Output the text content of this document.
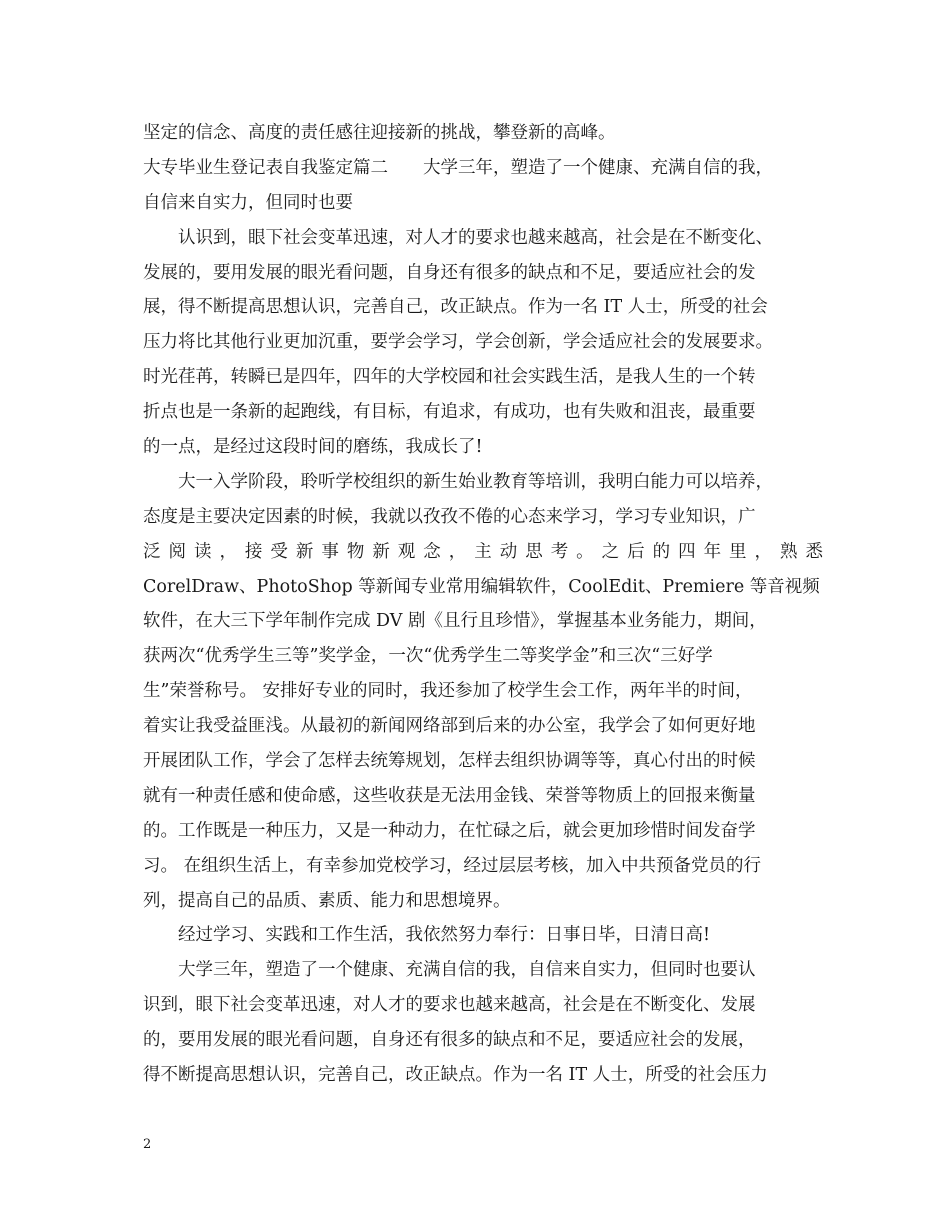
坚定的信念、高度的责任感往迎接新的挑战，攀登新的高峰。
大专毕业生登记表自我鉴定篇二　　大学三年，塑造了一个健康、充满自信的我，
自信来自实力，但同时也要
认识到，眼下社会变革迅速，对人才的要求也越来越高，社会是在不断变化、
发展的，要用发展的眼光看问题，自身还有很多的缺点和不足，要适应社会的发
展，得不断提高思想认识，完善自己，改正缺点。作为一名 IT 人士，所受的社会
压力将比其他行业更加沉重，要学会学习，学会创新，学会适应社会的发展要求。
时光荏苒，转瞬已是四年，四年的大学校园和社会实践生活，是我人生的一个转
折点也是一条新的起跑线，有目标，有追求，有成功，也有失败和沮丧，最重要
的一点，是经过这段时间的磨练，我成长了!
大一入学阶段，聆听学校组织的新生始业教育等培训，我明白能力可以培养，
态度是主要决定因素的时候，我就以孜孜不倦的心态来学习，学习专业知识，广
泛阅读，接受新事物新观念，主动思考。之后的四年里，熟悉
CorelDraw、PhotoShop 等新闻专业常用编辑软件，CoolEdit、Premiere 等音视频
软件，在大三下学年制作完成 DV 剧《且行且珍惜》，掌握基本业务能力，期间，
获两次“优秀学生三等”奖学金，一次“优秀学生二等奖学金”和三次“三好学
生”荣誉称号。 安排好专业的同时，我还参加了校学生会工作，两年半的时间，
着实让我受益匪浅。从最初的新闻网络部到后来的办公室，我学会了如何更好地
开展团队工作，学会了怎样去统筹规划，怎样去组织协调等等，真心付出的时候
就有一种责任感和使命感，这些收获是无法用金钱、荣誉等物质上的回报来衡量
的。工作既是一种压力，又是一种动力，在忙碌之后，就会更加珍惜时间发奋学
习。 在组织生活上，有幸参加党校学习，经过层层考核，加入中共预备党员的行
列，提高自己的品质、素质、能力和思想境界。
经过学习、实践和工作生活，我依然努力奉行：日事日毕，日清日高!
大学三年，塑造了一个健康、充满自信的我，自信来自实力，但同时也要认
识到，眼下社会变革迅速，对人才的要求也越来越高，社会是在不断变化、发展
的，要用发展的眼光看问题，自身还有很多的缺点和不足，要适应社会的发展，
得不断提高思想认识，完善自己，改正缺点。作为一名 IT 人士，所受的社会压力
2
